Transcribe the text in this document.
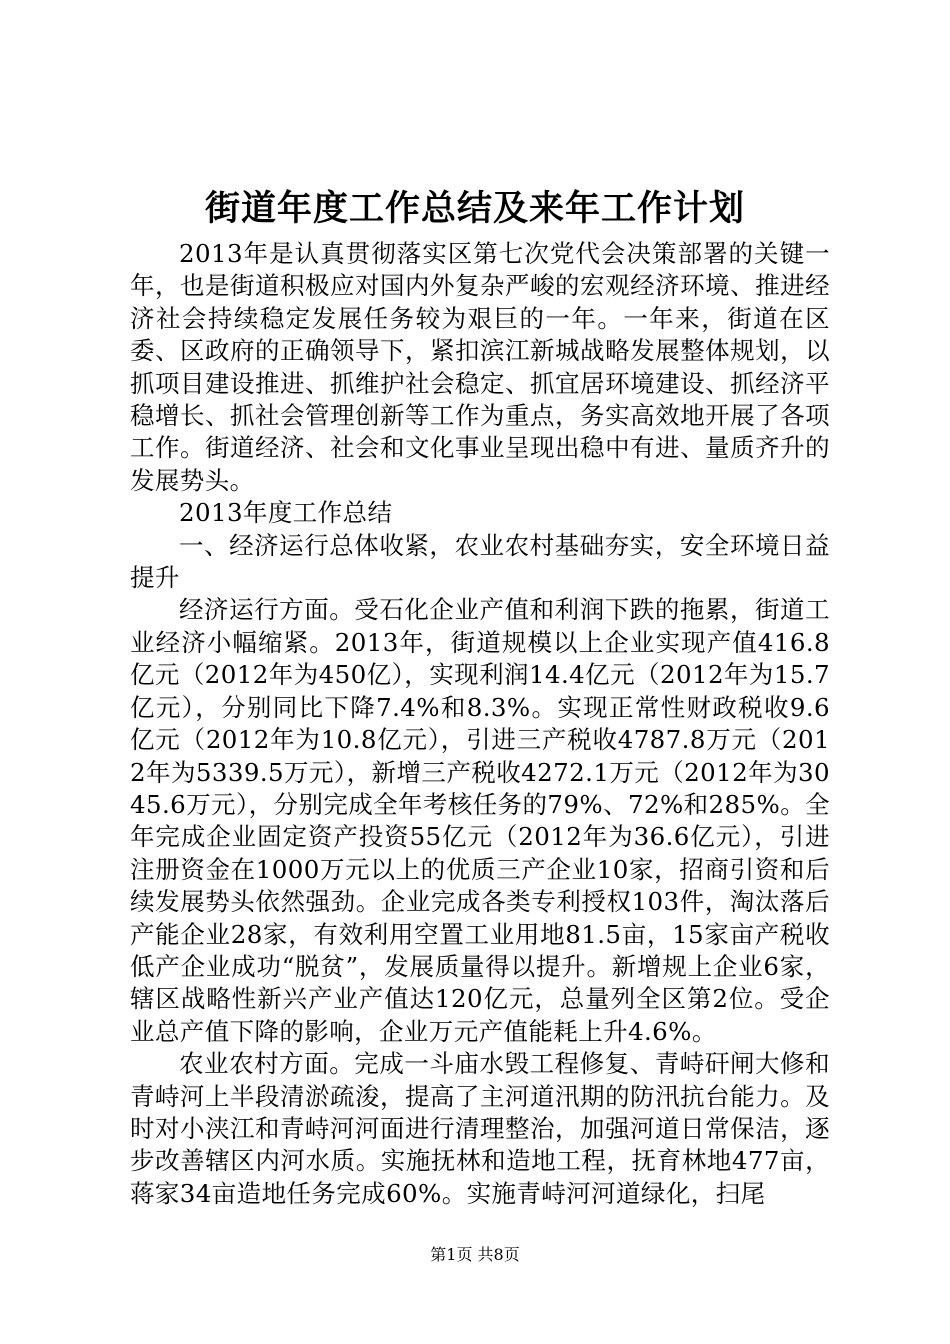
街道年度工作总结及来年工作计划

2013年是认真贯彻落实区第七次党代会决策部署的关键一年，也是街道积极应对国内外复杂严峻的宏观经济环境、推进经济社会持续稳定发展任务较为艰巨的一年。一年来，街道在区委、区政府的正确领导下，紧扣滨江新城战略发展整体规划，以抓项目建设推进、抓维护社会稳定、抓宜居环境建设、抓经济平稳增长、抓社会管理创新等工作为重点，务实高效地开展了各项工作。街道经济、社会和文化事业呈现出稳中有进、量质齐升的发展势头。

2013年度工作总结

一、经济运行总体收紧，农业农村基础夯实，安全环境日益提升

经济运行方面。受石化企业产值和利润下跌的拖累，街道工业经济小幅缩紧。2013年，街道规模以上企业实现产值416.8亿元（2012年为450亿），实现利润14.4亿元（2012年为15.7亿元），分别同比下降7.4%和8.3%。实现正常性财政税收9.6亿元（2012年为10.8亿元），引进三产税收4787.8万元（2012年为5339.5万元），新增三产税收4272.1万元（2012年为3045.6万元），分别完成全年考核任务的79%、72%和285%。全年完成企业固定资产投资55亿元（2012年为36.6亿元），引进注册资金在1000万元以上的优质三产企业10家，招商引资和后续发展势头依然强劲。企业完成各类专利授权103件，淘汰落后产能企业28家，有效利用空置工业用地81.5亩，15家亩产税收低产企业成功“脱贫”，发展质量得以提升。新增规上企业6家，辖区战略性新兴产业产值达120亿元，总量列全区第2位。受企业总产值下降的影响，企业万元产值能耗上升4.6%。

农业农村方面。完成一斗庙水毁工程修复、青峙矸闸大修和青峙河上半段清淤疏浚，提高了主河道汛期的防汛抗台能力。及时对小浃江和青峙河河面进行清理整治，加强河道日常保洁，逐步改善辖区内河水质。实施抚林和造地工程，抚育林地477亩，蒋家34亩造地任务完成60%。实施青峙河河道绿化，扫尾

第1页 共8页
